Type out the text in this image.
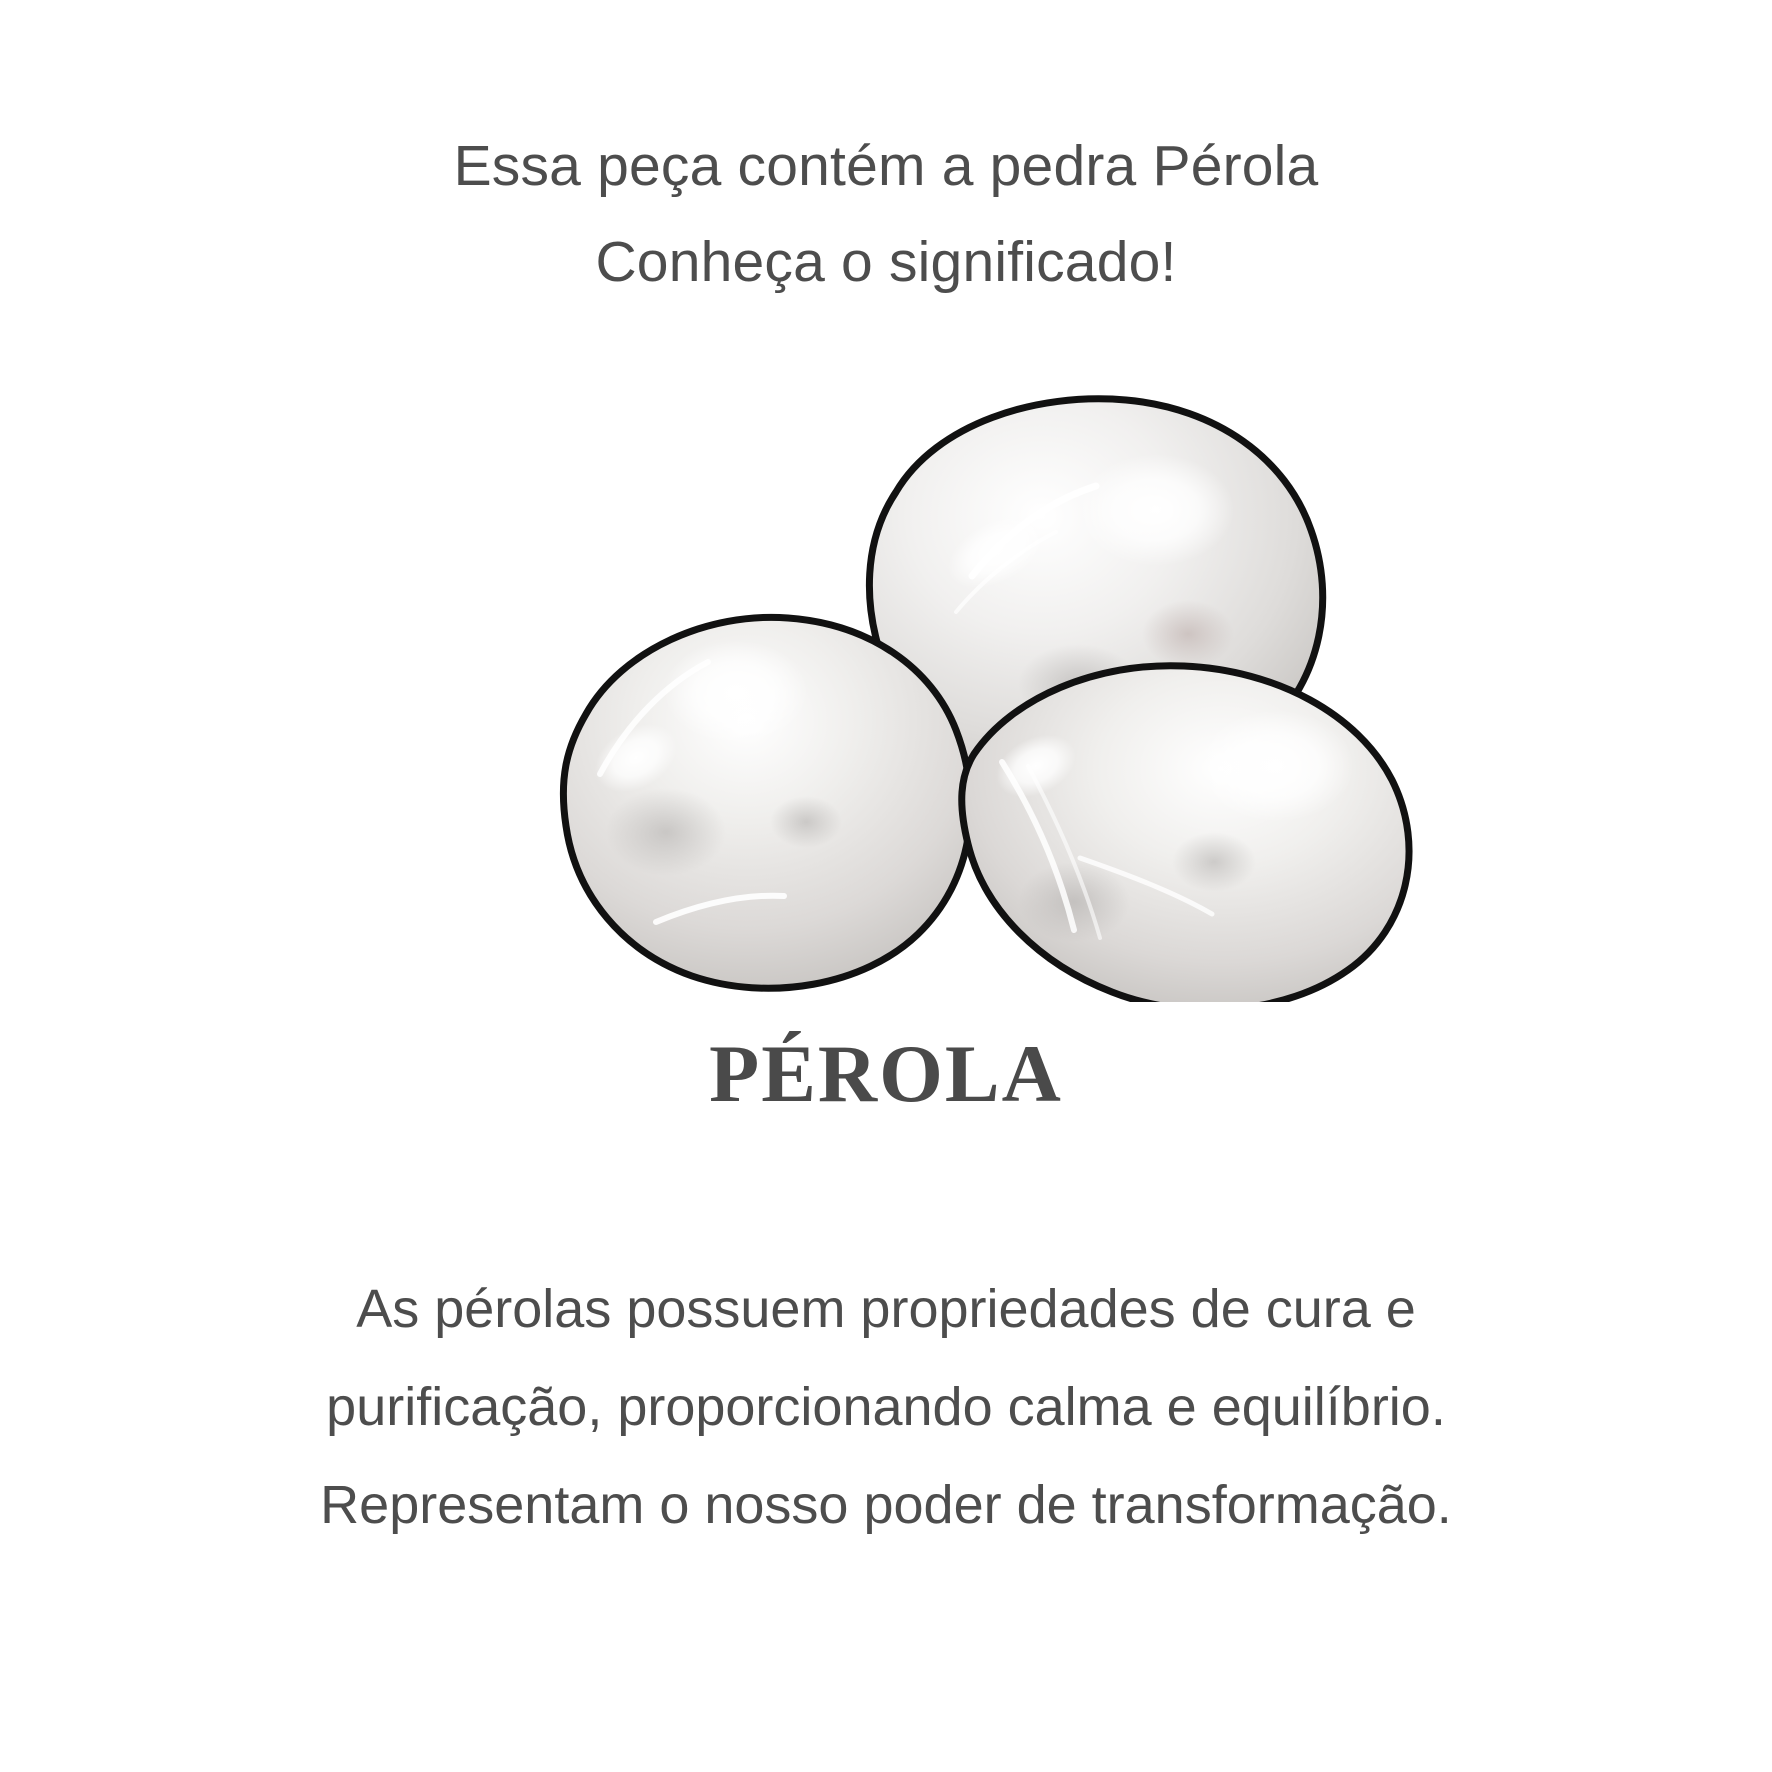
Essa peça contém a pedra Pérola
Conheça o significado!
PÉROLA
As pérolas possuem propriedades de cura e
purificação, proporcionando calma e equilíbrio.
Representam o nosso poder de transformação.
